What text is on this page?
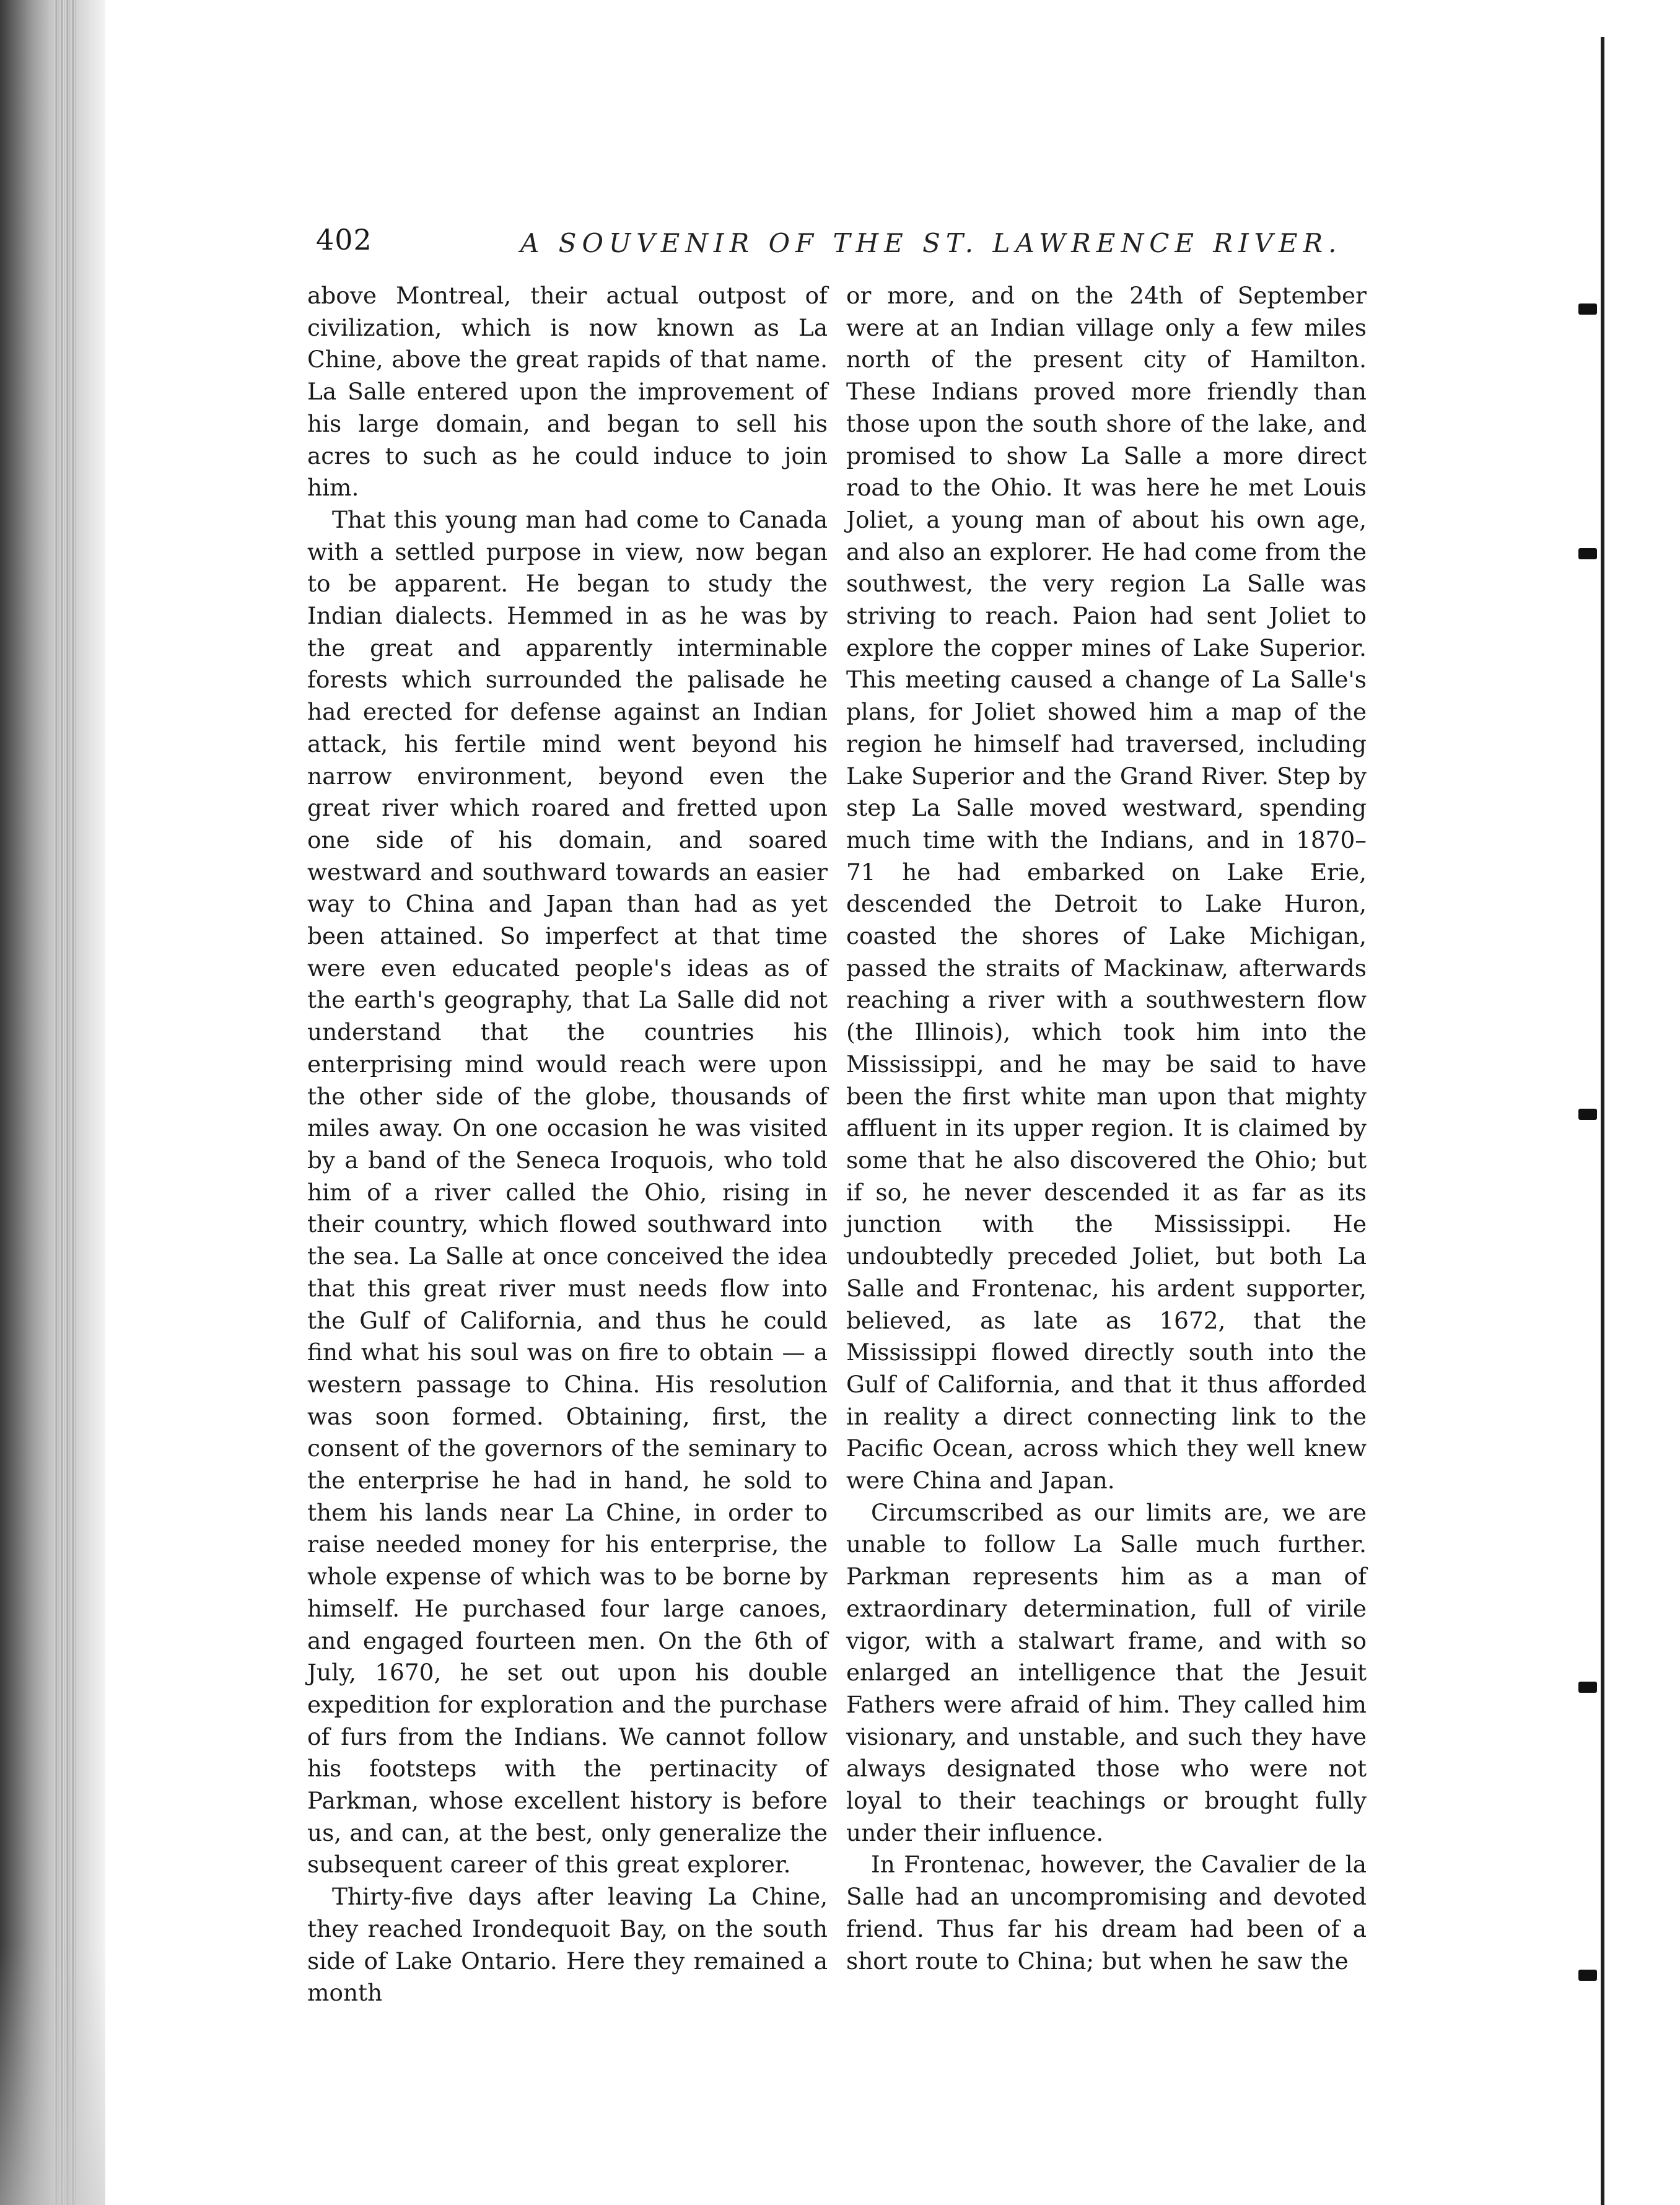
402	A SOUVENIR OF THE ST. LAWRENCE RIVER.

above Montreal, their actual outpost of civilization, which is now known as La Chine, above the great rapids of that name. La Salle entered upon the improvement of his large domain, and began to sell his acres to such as he could induce to join him.

That this young man had come to Canada with a settled purpose in view, now began to be apparent. He began to study the Indian dialects. Hemmed in as he was by the great and apparently interminable forests which surrounded the palisade he had erected for defense against an Indian attack, his fertile mind went beyond his narrow environment, beyond even the great river which roared and fretted upon one side of his domain, and soared westward and southward towards an easier way to China and Japan than had as yet been attained. So imperfect at that time were even educated people's ideas as of the earth's geography, that La Salle did not understand that the countries his enterprising mind would reach were upon the other side of the globe, thousands of miles away. On one occasion he was visited by a band of the Seneca Iroquois, who told him of a river called the Ohio, rising in their country, which flowed southward into the sea. La Salle at once conceived the idea that this great river must needs flow into the Gulf of California, and thus he could find what his soul was on fire to obtain — a western passage to China. His resolution was soon formed. Obtaining, first, the consent of the governors of the seminary to the enterprise he had in hand, he sold to them his lands near La Chine, in order to raise needed money for his enterprise, the whole expense of which was to be borne by himself. He purchased four large canoes, and engaged fourteen men. On the 6th of July, 1670, he set out upon his double expedition for exploration and the purchase of furs from the Indians. We cannot follow his footsteps with the pertinacity of Parkman, whose excellent history is before us, and can, at the best, only generalize the subsequent career of this great explorer.

Thirty-five days after leaving La Chine, they reached Irondequoit Bay, on the south side of Lake Ontario. Here they remained a month

or more, and on the 24th of September were at an Indian village only a few miles north of the present city of Hamilton. These Indians proved more friendly than those upon the south shore of the lake, and promised to show La Salle a more direct road to the Ohio. It was here he met Louis Joliet, a young man of about his own age, and also an explorer. He had come from the southwest, the very region La Salle was striving to reach. Paion had sent Joliet to explore the copper mines of Lake Superior. This meeting caused a change of La Salle's plans, for Joliet showed him a map of the region he himself had traversed, including Lake Superior and the Grand River. Step by step La Salle moved westward, spending much time with the Indians, and in 1870–71 he had embarked on Lake Erie, descended the Detroit to Lake Huron, coasted the shores of Lake Michigan, passed the straits of Mackinaw, afterwards reaching a river with a southwestern flow (the Illinois), which took him into the Mississippi, and he may be said to have been the first white man upon that mighty affluent in its upper region. It is claimed by some that he also discovered the Ohio; but if so, he never descended it as far as its junction with the Mississippi. He undoubtedly preceded Joliet, but both La Salle and Frontenac, his ardent supporter, believed, as late as 1672, that the Mississippi flowed directly south into the Gulf of California, and that it thus afforded in reality a direct connecting link to the Pacific Ocean, across which they well knew were China and Japan.

Circumscribed as our limits are, we are unable to follow La Salle much further. Parkman represents him as a man of extraordinary determination, full of virile vigor, with a stalwart frame, and with so enlarged an intelligence that the Jesuit Fathers were afraid of him. They called him visionary, and unstable, and such they have always designated those who were not loyal to their teachings or brought fully under their influence.

In Frontenac, however, the Cavalier de la Salle had an uncompromising and devoted friend. Thus far his dream had been of a short route to China; but when he saw the
